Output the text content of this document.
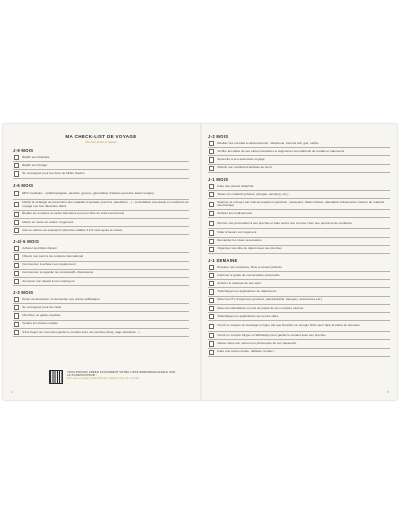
MA CHECK-LIST DE VOYAGE
Ma liste avant le départ
J-9 MOIS
Établir son itinéraire
Établir son budget
Se renseigner pour les dons de billets d'avion
J-6 MOIS
RDV médicaux : ophtalmologiste, dentiste, gynéco, généraliste (l'attente peut être assez longue)
Définir la stratégie de prévention des maladies tropicales (vaccins, paludisme…) : consultation éventuelle en médecine du voyage une fois l'itinéraire défini
Étudier les comptes et cartes bancaires (en pour faire de vrais économies)
Mettre en vente sa voiture / logement
Voir ou refaire son passeport (doit être valable 3 à 6 mois après le retour)
J-4/-5 MOIS
Acheter les billets d'avion
Obtenir son permis de conduire international
Commencer à acheter son équipement
Commencer à regarder les comparatifs d'assurance
Annoncer son départ à son employeur
J-3 MOIS
Poser sa démission ou demander son année sabbatique
Se renseigner pour les visas
Chercher un garde-meubles
Vendre les choses inutiles
S'interroger sur comment garder le contact avec ses proches (blog, page facebook…)
VOUS POUVEZ CRÉER FACILEMENT VOTRE LISTE PERSONNALISABLE SUR LE PLANIFICATEUR :
hier-mai-voyage.fr/planificateur-depart-tour-du-monde
4
J-2 MOIS
Résilier ses contrats et abonnements : téléphone, internet wifi, gaz, netflix…
Vérifier les dates de ses cartes bancaires et augmenter ses plafonds de retraits et paiements
Souscrire à son assurance voyage
Obtenir son certificat d'aptitude au sport
J-1 MOIS
Faire des photos d'identité
Tester son matériel (photos, plongée, camping, etc.)
Scanner et envoyer par mail les papiers importants : passeport, billets d'avion, attestation d'assurance, facture du matériel électronique
Acheter les médicaments
Donner une procuration à ses proches et faire suivre son courrier chez une personne de confiance
Vider à besoin son logement
Demander les visas nécessaires
Organiser une fête de départ avec ses proches
J-1 SEMAINE
Préparer ses musiques, films et ebook préférés
Imprimer le guide de conversation universelle
Acheter le cadenas de ses sacs
Télécharger les applications de traducteurs
Noter les N°s d'urgences (proches, administratifs, banques, assurances etc.)
Noter les identifiants et mots de passe de ses comptes internet
Télécharger les applications qui seront utiles
Ouvrir un espace de stockage en ligne (tel que Dropbox ou Google Drive pour faire la partie de données
Ouvrir un compte Skype ou WhatsApp pour garder le contact avec ses proches
Glisser dans son carnet une photocopie de son passeport
Faire une sortie recette, ratifiette, fondue !
5
